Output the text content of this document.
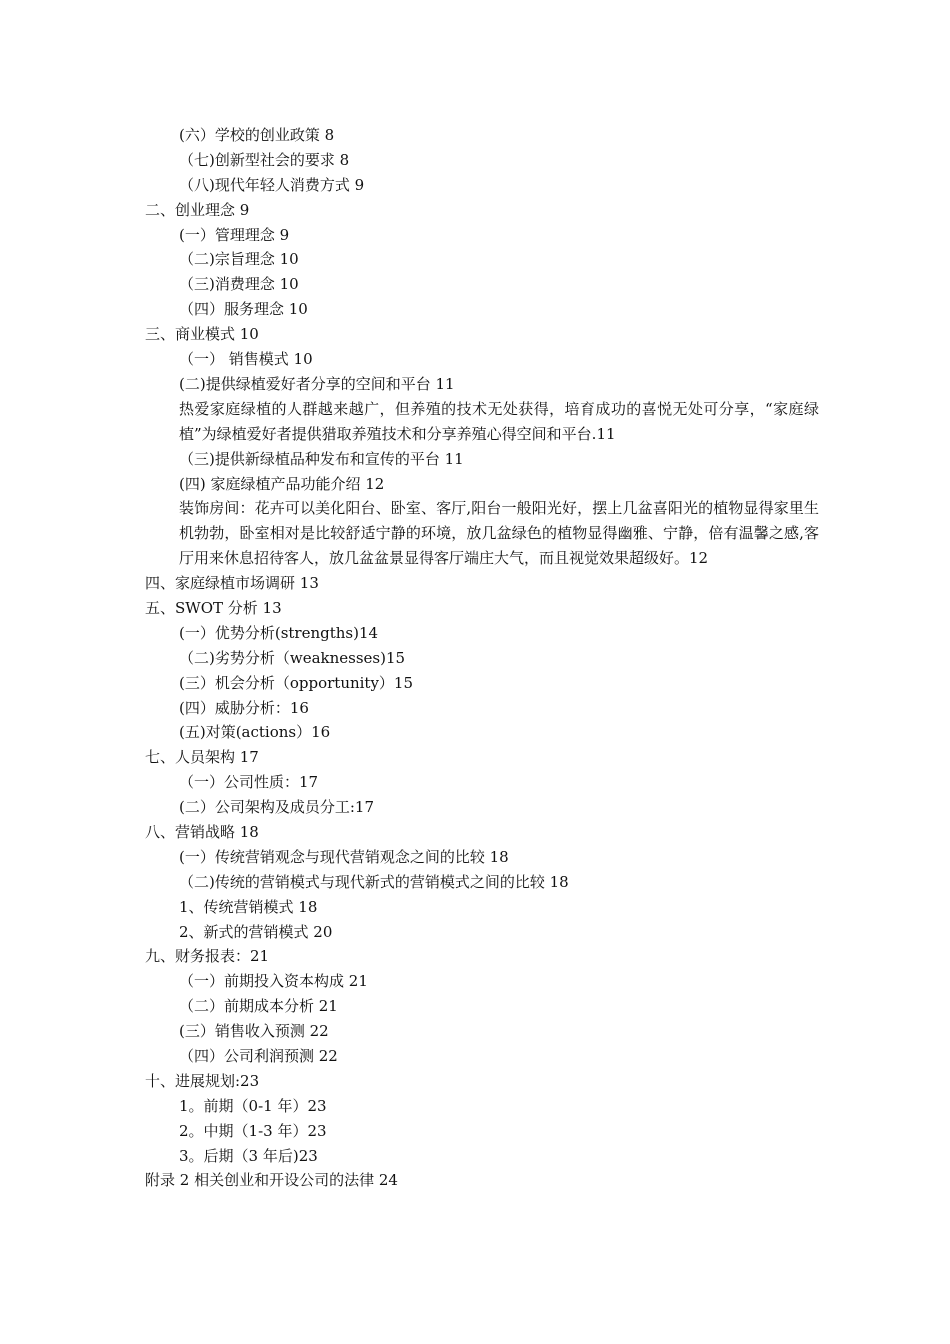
(六）学校的创业政策 8
（七)创新型社会的要求 8
（八)现代年轻人消费方式 9
二、创业理念 9
(一）管理理念 9
（二)宗旨理念 10
（三)消费理念 10
（四）服务理念 10
三、商业模式 10
（一） 销售模式 10
(二)提供绿植爱好者分享的空间和平台 11
热爱家庭绿植的人群越来越广，但养殖的技术无处获得，培育成功的喜悦无处可分享，“家庭绿植”为绿植爱好者提供猎取养殖技术和分享养殖心得空间和平台.11
（三)提供新绿植品种发布和宣传的平台 11
(四) 家庭绿植产品功能介绍 12
装饰房间：花卉可以美化阳台、卧室、客厅,阳台一般阳光好，摆上几盆喜阳光的植物显得家里生机勃勃，卧室相对是比较舒适宁静的环境，放几盆绿色的植物显得幽雅、宁静，倍有温馨之感,客厅用来休息招待客人，放几盆盆景显得客厅端庄大气，而且视觉效果超级好。12
四、家庭绿植市场调研 13
五、SWOT 分析 13
(一）优势分析(strengths)14
（二)劣势分析（weaknesses)15
(三）机会分析（opportunity）15
(四）威胁分析：16
(五)对策(actions）16
七、人员架构 17
（一）公司性质：17
(二）公司架构及成员分工:17
八、营销战略 18
(一）传统营销观念与现代营销观念之间的比较 18
（二)传统的营销模式与现代新式的营销模式之间的比较 18
1、传统营销模式 18
2、新式的营销模式 20
九、财务报表：21
（一）前期投入资本构成 21
（二）前期成本分析 21
(三）销售收入预测 22
（四）公司利润预测 22
十、进展规划:23
1。前期（0-1 年）23
2。中期（1-3 年）23
3。后期（3 年后)23
附录 2 相关创业和开设公司的法律 24
